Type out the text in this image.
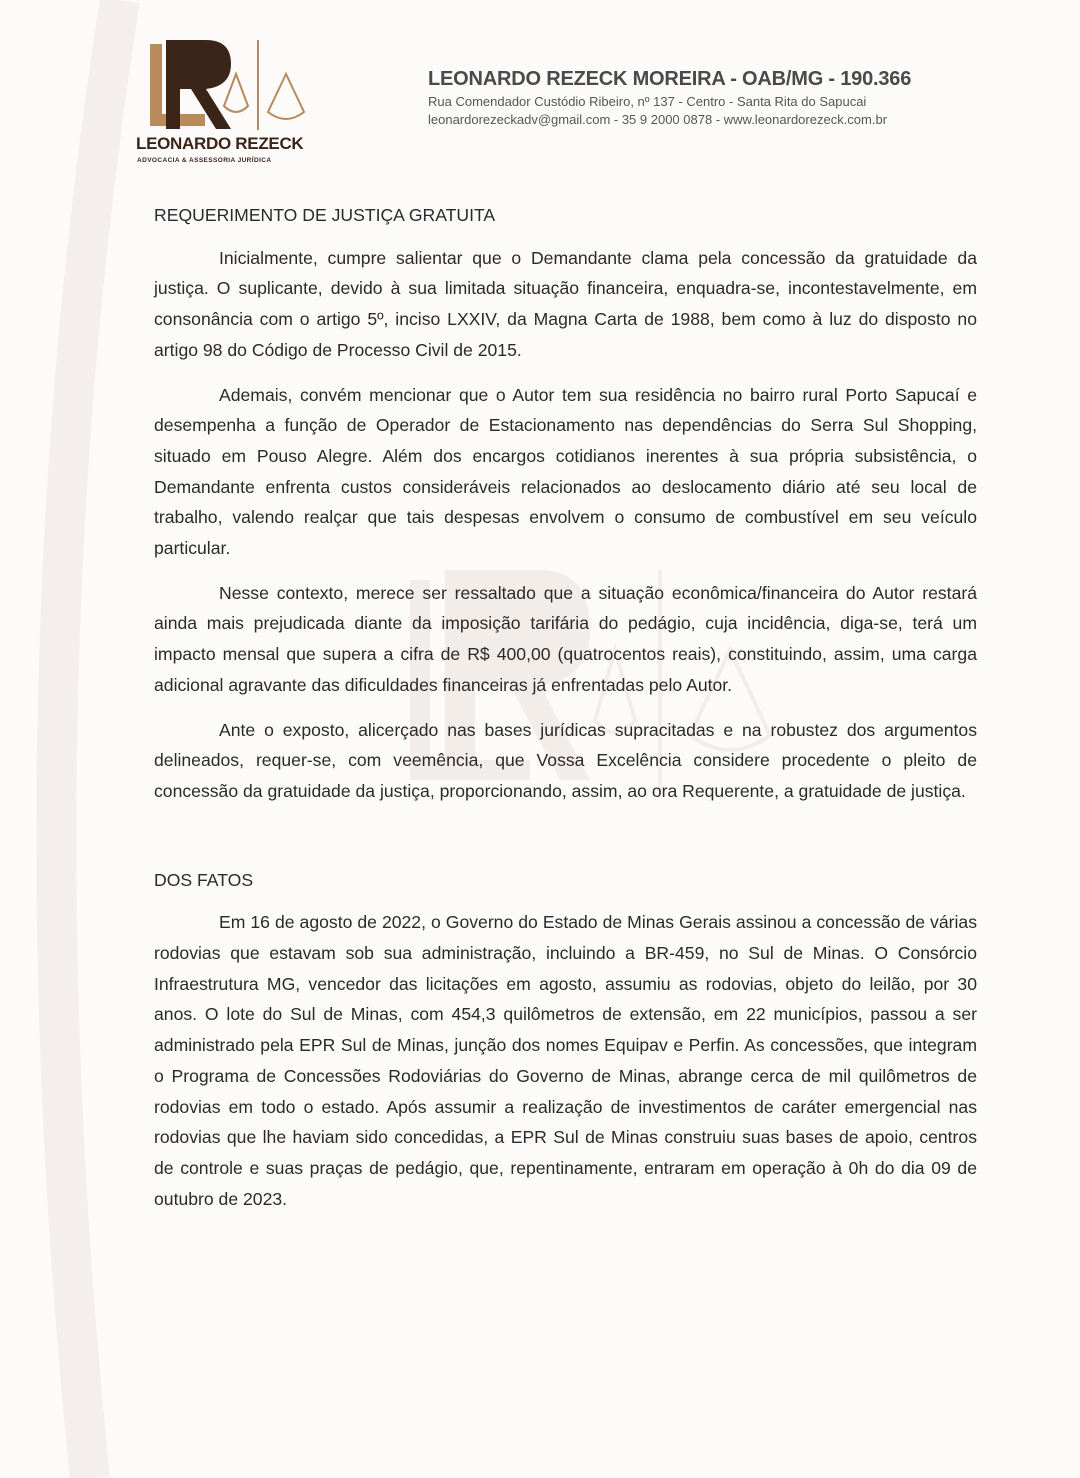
LEONARDO REZECK
ADVOCACIA & ASSESSORIA JURÍDICA
LEONARDO REZECK MOREIRA - OAB/MG - 190.366
Rua Comendador Custódio Ribeiro, nº 137 - Centro - Santa Rita do Sapucai
leonardorezeckadv@gmail.com - 35 9 2000 0878 - www.leonardorezeck.com.br
REQUERIMENTO DE JUSTIÇA GRATUITA

Inicialmente, cumpre salientar que o Demandante clama pela concessão da gratuidade da justiça. O suplicante, devido à sua limitada situação financeira, enquadra-se, incontestavelmente, em consonância com o artigo 5º, inciso LXXIV, da Magna Carta de 1988, bem como à luz do disposto no artigo 98 do Código de Processo Civil de 2015.

Ademais, convém mencionar que o Autor tem sua residência no bairro rural Porto Sapucaí e desempenha a função de Operador de Estacionamento nas dependências do Serra Sul Shopping, situado em Pouso Alegre. Além dos encargos cotidianos inerentes à sua própria subsistência, o Demandante enfrenta custos consideráveis relacionados ao deslocamento diário até seu local de trabalho, valendo realçar que tais despesas envolvem o consumo de combustível em seu veículo particular.

Nesse contexto, merece ser ressaltado que a situação econômica/financeira do Autor restará ainda mais prejudicada diante da imposição tarifária do pedágio, cuja incidência, diga-se, terá um impacto mensal que supera a cifra de R$ 400,00 (quatrocentos reais), constituindo, assim, uma carga adicional agravante das dificuldades financeiras já enfrentadas pelo Autor.

Ante o exposto, alicerçado nas bases jurídicas supracitadas e na robustez dos argumentos delineados, requer-se, com veemência, que Vossa Excelência considere procedente o pleito de concessão da gratuidade da justiça, proporcionando, assim, ao ora Requerente, a gratuidade de justiça.

DOS FATOS

Em 16 de agosto de 2022, o Governo do Estado de Minas Gerais assinou a concessão de várias rodovias que estavam sob sua administração, incluindo a BR-459, no Sul de Minas. O Consórcio Infraestrutura MG, vencedor das licitações em agosto, assumiu as rodovias, objeto do leilão, por 30 anos. O lote do Sul de Minas, com 454,3 quilômetros de extensão, em 22 municípios, passou a ser administrado pela EPR Sul de Minas, junção dos nomes Equipav e Perfin. As concessões, que integram o Programa de Concessões Rodoviárias do Governo de Minas, abrange cerca de mil quilômetros de rodovias em todo o estado. Após assumir a realização de investimentos de caráter emergencial nas rodovias que lhe haviam sido concedidas, a EPR Sul de Minas construiu suas bases de apoio, centros de controle e suas praças de pedágio, que, repentinamente, entraram em operação à 0h do dia 09 de outubro de 2023.
